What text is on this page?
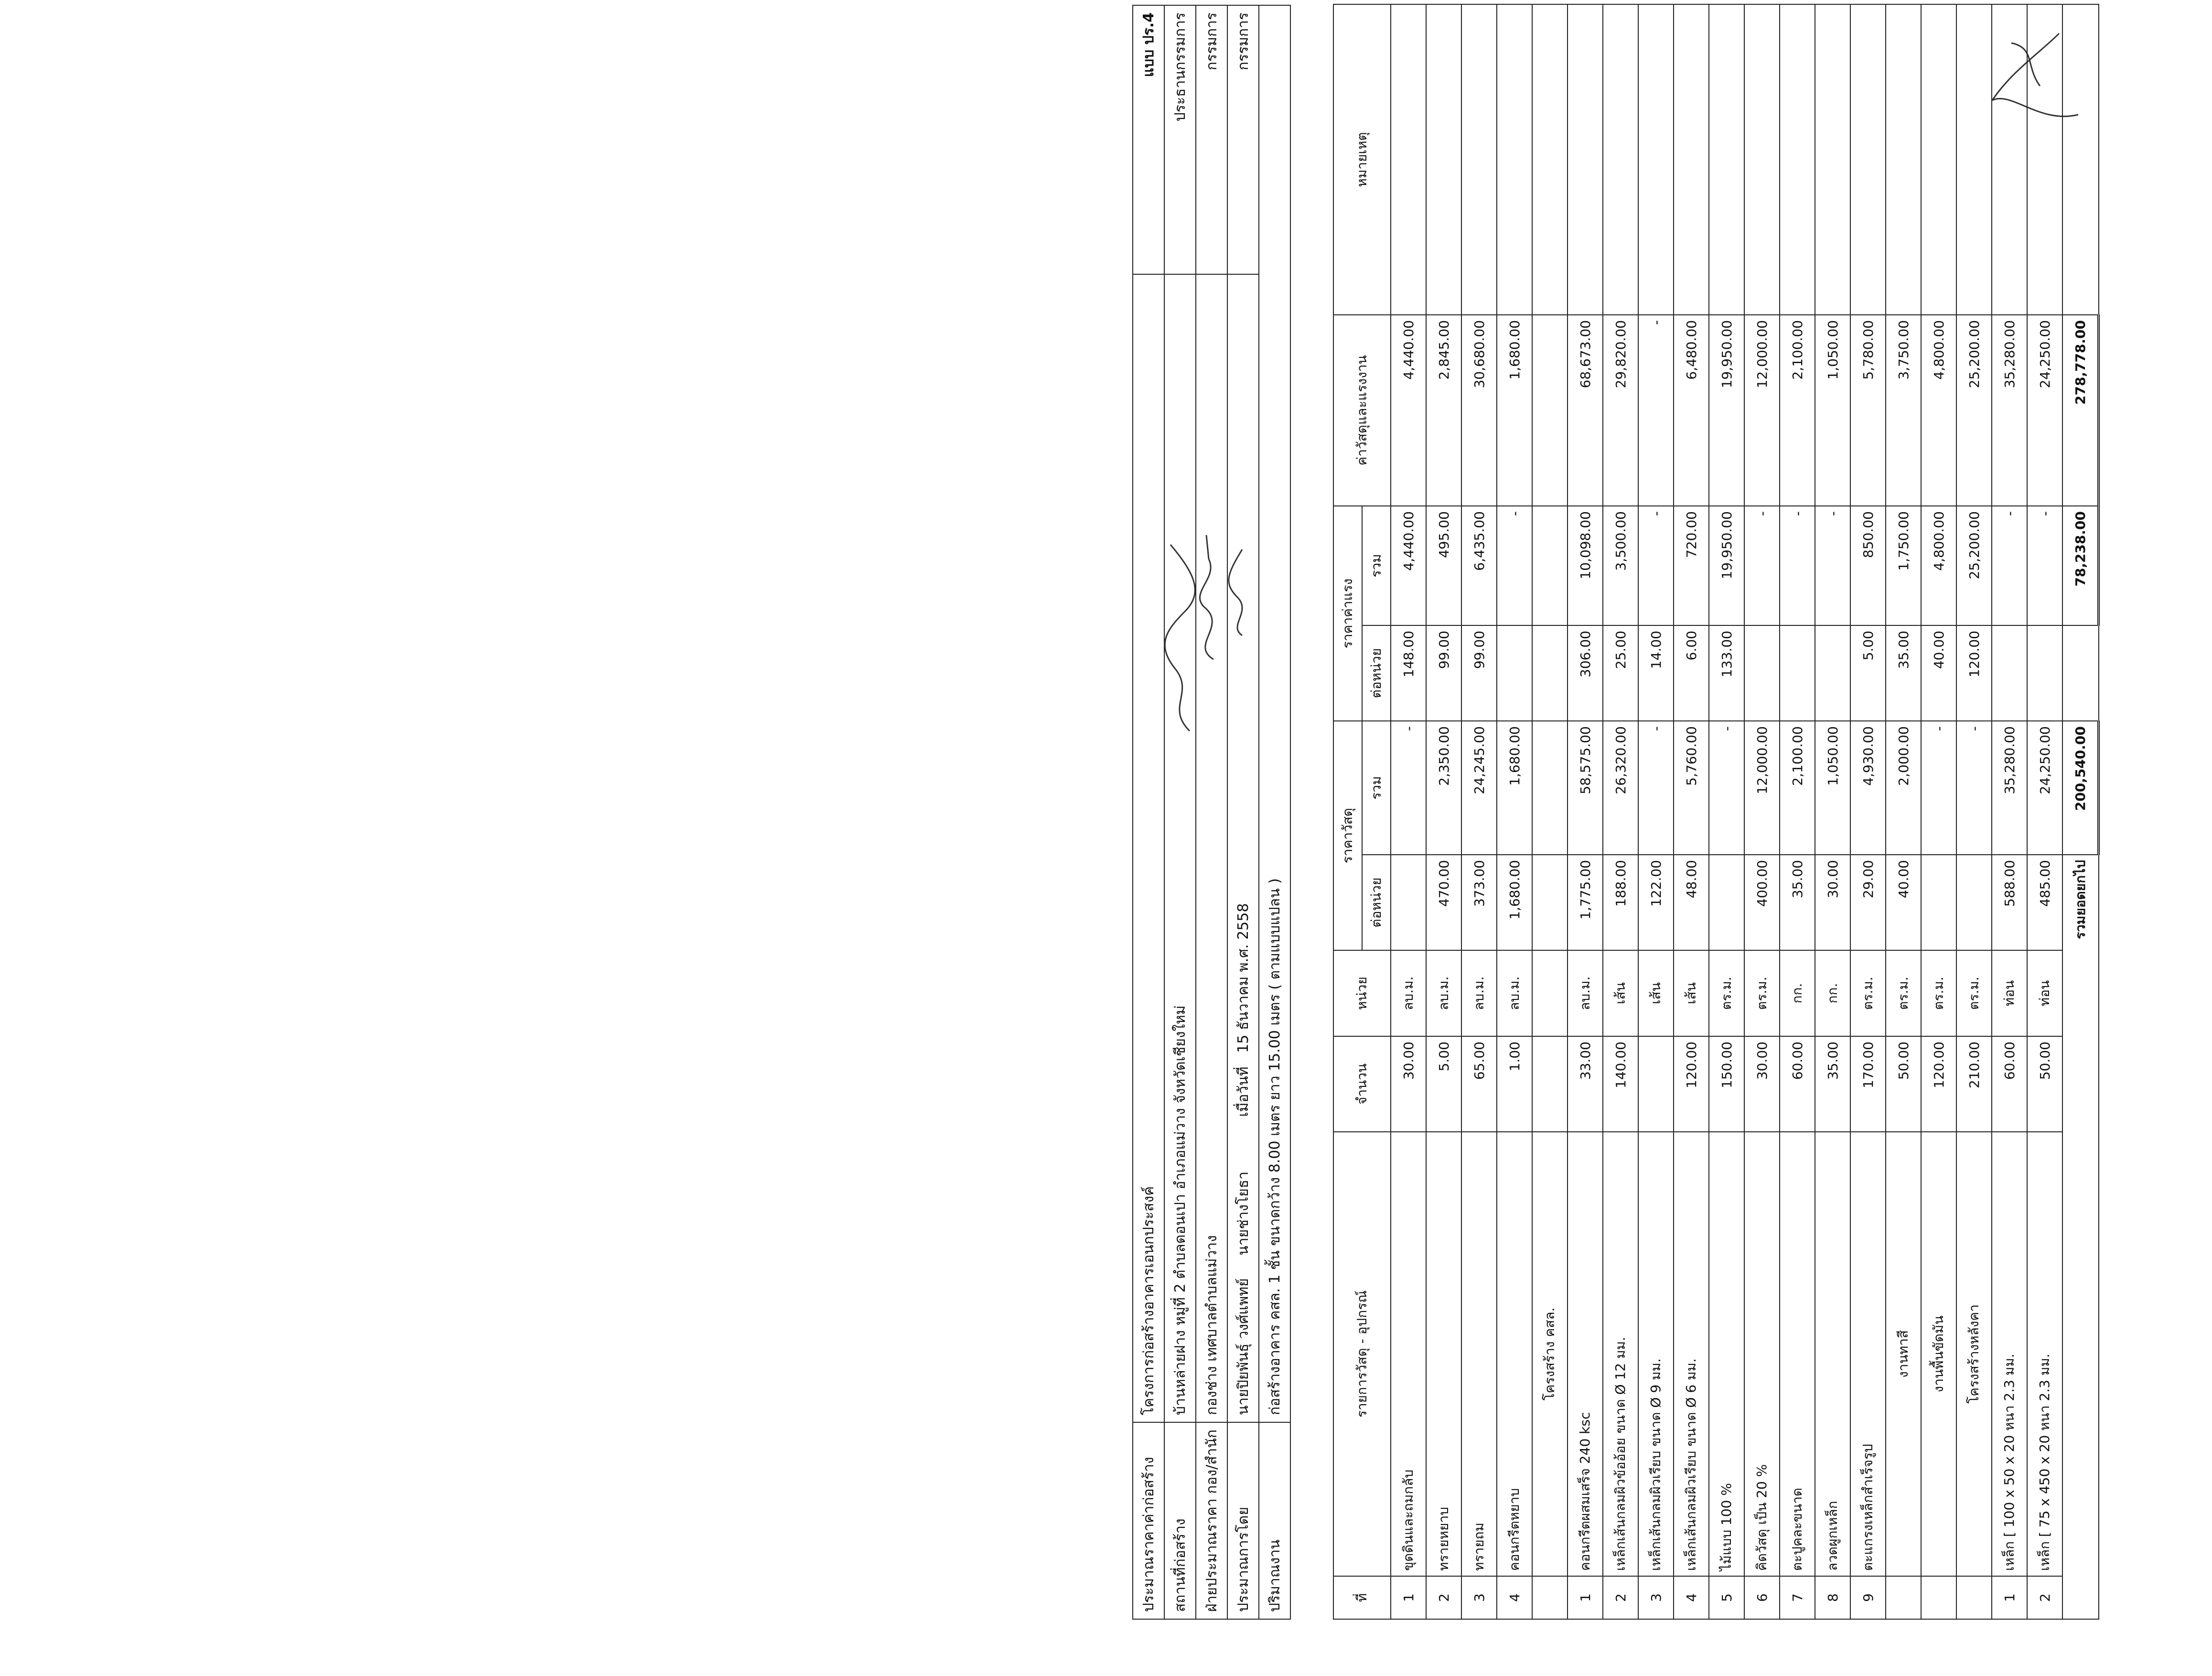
ประมาณราคาค่าก่อสร้าง	โครงการก่อสร้างอาคารเอนกประสงค์	แบบ ปร.4
สถานที่ก่อสร้าง	บ้านหล่ายฝาง หมู่ที่ 2 ตำบลดอนเปา อำเภอแม่วาง จังหวัดเชียงใหม่	ประธานกรรมการ
ฝ่ายประมาณราคา กอง/สำนัก	กองช่าง เทศบาลตำบลแม่วาง	กรรมการ
ประมาณการโดย	นายปิยพันธุ์ วงศ์แพทย์     นายช่างโยธา            เมื่อวันที่   15 ธันวาคม พ.ศ. 2558	กรรมการ
ปริมาณงาน	ก่อสร้างอาคาร คสล. 1 ชั้น ขนาดกว้าง 8.00 เมตร ยาว 15.00 เมตร ( ตามแบบแปลน )	
ที่	รายการวัสดุ - อุปกรณ์	จำนวน	หน่วย	ราคาวัสดุ		ราคาค่าแรง		ค่าวัสดุและแรงงาน	หมายเหตุ
				ต่อหน่วย	รวม	ต่อหน่วย	รวม		
1	ขุดดินและถมกลับ	30.00	ลบ.ม.		-	148.00	4,440.00	4,440.00	
2	ทรายหยาบ	5.00	ลบ.ม.	470.00	2,350.00	99.00	495.00	2,845.00	
3	ทรายถม	65.00	ลบ.ม.	373.00	24,245.00	99.00	6,435.00	30,680.00	
4	คอนกรีตหยาบ	1.00	ลบ.ม.	1,680.00	1,680.00		-	1,680.00	
	โครงสร้าง คสล.								
1	คอนกรีตผสมเสร็จ 240 ksc	33.00	ลบ.ม.	1,775.00	58,575.00	306.00	10,098.00	68,673.00	
2	เหล็กเส้นกลมผิวข้ออ้อย ขนาด Ø 12 มม.	140.00	เส้น	188.00	26,320.00	25.00	3,500.00	29,820.00	
3	เหล็กเส้นกลมผิวเรียบ ขนาด Ø 9 มม.		เส้น	122.00	-	14.00	-	-	
4	เหล็กเส้นกลมผิวเรียบ ขนาด Ø 6 มม.	120.00	เส้น	48.00	5,760.00	6.00	720.00	6,480.00	
5	ไม้แบบ 100 %	150.00	ตร.ม.		-	133.00	19,950.00	19,950.00	
6	คิดวัสดุ เป็น 20 %	30.00	ตร.ม.	400.00	12,000.00		-	12,000.00	
7	ตะปูคละขนาด	60.00	กก.	35.00	2,100.00		-	2,100.00	
8	ลวดผูกเหล็ก	35.00	กก.	30.00	1,050.00		-	1,050.00	
9	ตะแกรงเหล็กสำเร็จรูป	170.00	ตร.ม.	29.00	4,930.00	5.00	850.00	5,780.00	
	งานทาสี	50.00	ตร.ม.	40.00	2,000.00	35.00	1,750.00	3,750.00	
	งานพื้นขัดมัน	120.00	ตร.ม.		-	40.00	4,800.00	4,800.00	
	โครงสร้างหลังคา	210.00	ตร.ม.		-	120.00	25,200.00	25,200.00	
1	เหล็ก [ 100 x 50 x 20 หนา 2.3 มม.	60.00	ท่อน	588.00	35,280.00		-	35,280.00	
2	เหล็ก [ 75 x 450 x 20 หนา 2.3 มม.	50.00	ท่อน	485.00	24,250.00		-	24,250.00	
รวมยอดยกไป					200,540.00		78,238.00	278,778.00	
